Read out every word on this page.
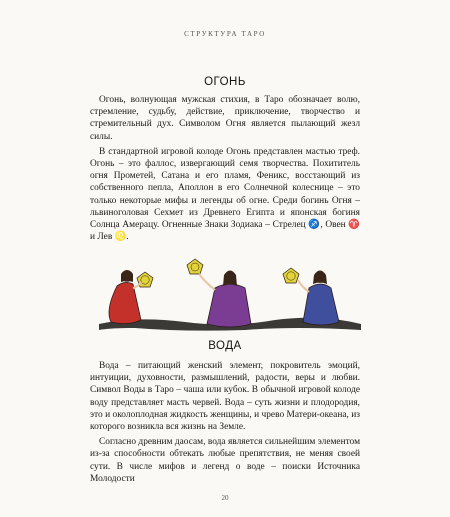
СТРУКТУРА ТАРО
ОГОНЬ

Огонь, волнующая мужская стихия, в Таро обозначает волю, стремление, судьбу, действие, приключение, творчество и стремительный дух. Символом Огня является пылающий жезл силы.

В стандартной игровой колоде Огонь представлен мастью треф. Огонь – это фаллос, извергающий семя творчества. Похититель огня Прометей, Сатана и его пламя, Феникс, восстающий из собственного пепла, Аполлон в его Солнечной колеснице – это только некоторые мифы и легенды об огне. Среди богинь Огня – львиноголовая Сехмет из Древнего Египта и японская богиня Солнца Амерацу. Огненные Знаки Зодиака – Стрелец ♐, Овен ♈ и Лев ♌.

ВОДА

Вода – питающий женский элемент, покровитель эмоций, интуиции, духовности, размышлений, радости, веры и любви. Символ Воды в Таро – чаша или кубок. В обычной игровой колоде воду представляет масть червей. Вода – суть жизни и плодородия, это и околоплодная жидкость женщины, и чрево Матери-океана, из которого возникла вся жизнь на Земле.

Согласно древним даосам, вода является сильнейшим элементом из-за способности обтекать любые препятствия, не меняя своей сути. В числе мифов и легенд о воде – поиски Источника Молодости

20
